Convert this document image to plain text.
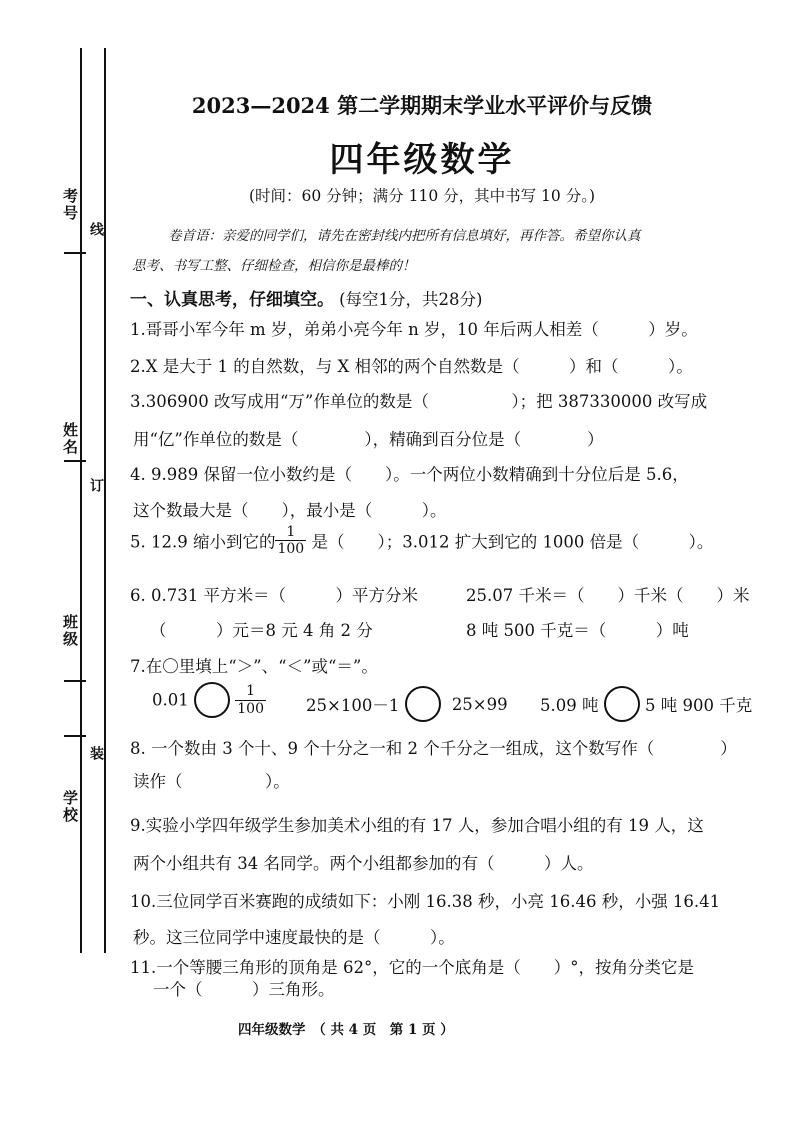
考号
线
姓名
订
班级
装
学校
2023—2024 第二学期期末学业水平评价与反馈
四年级数学
(时间：60 分钟；满分 110 分，其中书写 10 分。)
卷首语：亲爱的同学们，请先在密封线内把所有信息填好，再作答。希望你认真
思考、书写工整、仔细检查，相信你是最棒的！
一、认真思考，仔细填空。 (每空1分，共28分)
1.哥哥小军今年 m 岁，弟弟小亮今年 n 岁，10 年后两人相差（　　　）岁。
2.X 是大于 1 的自然数，与 X 相邻的两个自然数是（　　　）和（　　　）。
3.306900 改写成用“万”作单位的数是（　　　　　）；把 387330000 改写成
用“亿”作单位的数是（　　　　），精确到百分位是（　　　　）
4. 9.989 保留一位小数约是（　　）。一个两位小数精确到十分位后是 5.6，
这个数最大是（　　），最小是（　　　）。
5. 12.9 缩小到它的 $\frac{1}{100}$ 是（　　）；3.012 扩大到它的 1000 倍是（　　　）。
6. 0.731 平方米＝（　　　）平方分米	25.07 千米＝（　　）千米（　　）米
（　　　）元＝8 元 4 角 2 分	8 吨 500 千克＝（　　　）吨
7.在〇里填上“＞”、“＜”或“＝”。
0.01	$\frac{1}{100} 25\times 100-1$	25×99 5.09 吨	5 吨 900 千克
8. 一个数由 3 个十、9 个十分之一和 2 个千分之一组成，这个数写作（　　　　）
读作（　　　　　）。
9.实验小学四年级学生参加美术小组的有 17 人，参加合唱小组的有 19 人，这
两个小组共有 34 名同学。两个小组都参加的有（　　　）人。
10.三位同学百米赛跑的成绩如下：小刚 16.38 秒，小亮 16.46 秒，小强 16.41
秒。这三位同学中速度最快的是（　　　）。
11.一个等腰三角形的顶角是 62°，它的一个底角是（　　）°，按角分类它是
一个（　　　）三角形。
四年级数学　（ 共 4 页　第 1 页 ）
